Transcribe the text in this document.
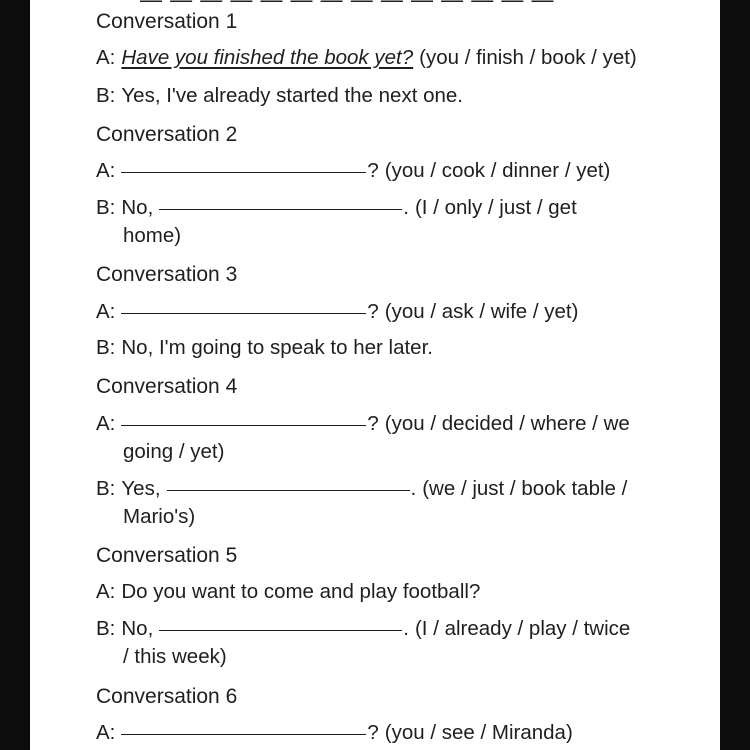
Conversation 1
A: Have you finished the book yet? (you / finish / book / yet)
B: Yes, I've already started the next one.
Conversation 2
A:	? (you / cook / dinner / yet)
B: No,	. (I / only / just / get
home)
Conversation 3
A:	? (you / ask / wife / yet)
B: No, I'm going to speak to her later.
Conversation 4
A:	? (you / decided / where / we
going / yet)
B: Yes,	. (we / just / book table /
Mario's)
Conversation 5
A: Do you want to come and play football?
B: No,	. (I / already / play / twice
/ this week)
Conversation 6
A:	? (you / see / Miranda)
